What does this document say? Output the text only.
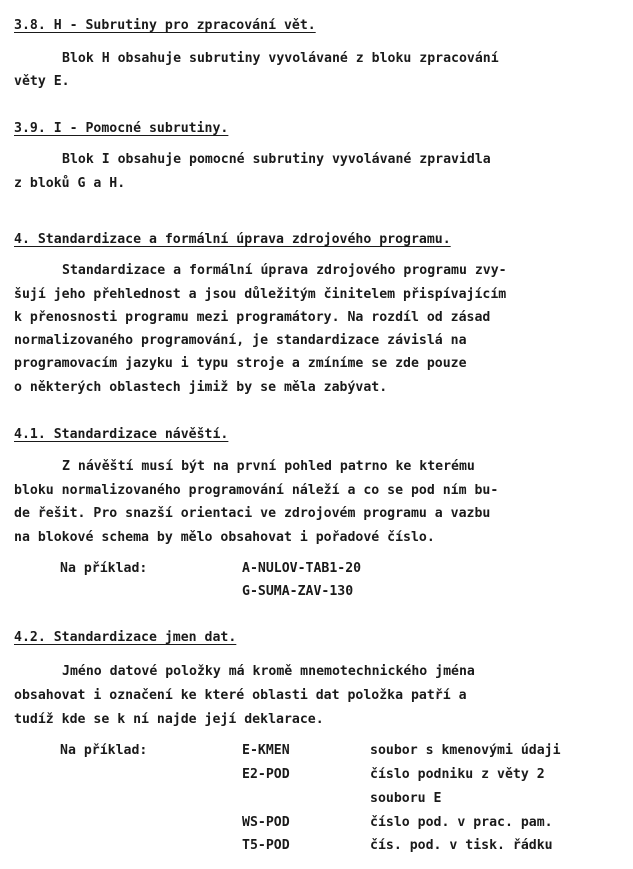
3.8. H - Subrutiny pro zpracování vět.
Blok H obsahuje subrutiny vyvolávané z bloku zpracování
věty E.
3.9. I - Pomocné subrutiny.
Blok I obsahuje pomocné subrutiny vyvolávané zpravidla
z bloků G a H.
4. Standardizace a formální úprava zdrojového programu.
Standardizace a formální úprava zdrojového programu zvy-
šují jeho přehlednost a jsou důležitým činitelem přispívajícím
k přenosnosti programu mezi programátory. Na rozdíl od zásad
normalizovaného programování, je standardizace závislá na
programovacím jazyku i typu stroje a zmíníme se zde pouze
o některých oblastech jimiž by se měla zabývat.
4.1. Standardizace návěští.
Z návěští musí být na první pohled patrno ke kterému
bloku normalizovaného programování náleží a co se pod ním bu-
de řešit. Pro snazší orientaci ve zdrojovém programu a vazbu
na blokové schema by mělo obsahovat i pořadové číslo.
Na příklad:	A-NULOV-TAB1-20
G-SUMA-ZAV-130
4.2. Standardizace jmen dat.
Jméno datové položky má kromě mnemotechnického jména
obsahovat i označení ke které oblasti dat položka patří a
tudíž kde se k ní najde její deklarace.
Na příklad:	E-KMEN	soubor s kmenovými údaji
E2-POD	číslo podniku z věty 2
souboru E
WS-POD	číslo pod. v prac. pam.
T5-POD	čís. pod. v tisk. řádku
